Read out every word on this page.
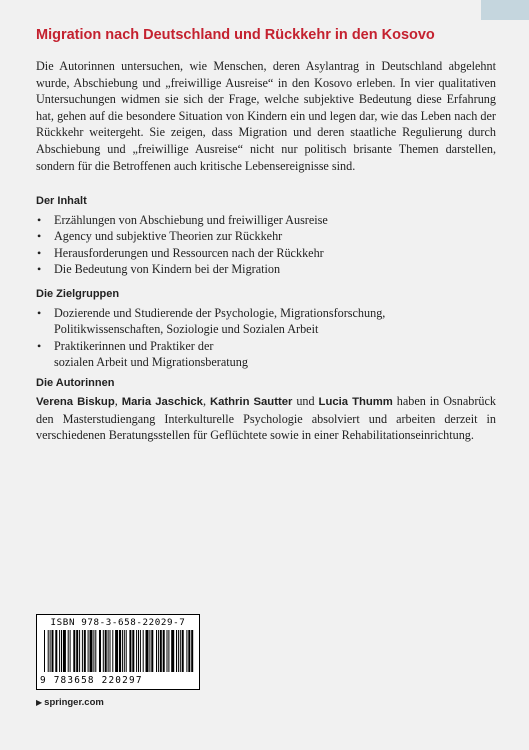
Migration nach Deutschland und Rückkehr in den Kosovo

Die Autorinnen untersuchen, wie Menschen, deren Asylantrag in Deutschland abgelehnt wurde, Abschiebung und „freiwillige Ausreise“ in den Kosovo erleben. In vier qualitativen Untersuchungen widmen sie sich der Frage, welche subjektive Bedeutung diese Erfahrung hat, gehen auf die besondere Situation von Kindern ein und legen dar, wie das Leben nach der Rückkehr weitergeht. Sie zeigen, dass Migration und deren staatliche Regulierung durch Abschiebung und „freiwillige Ausreise“ nicht nur politisch brisante Themen darstellen, sondern für die Betroffenen auch kritische Lebensereignisse sind.

Der Inhalt
• Erzählungen von Abschiebung und freiwilliger Ausreise
• Agency und subjektive Theorien zur Rückkehr
• Herausforderungen und Ressourcen nach der Rückkehr
• Die Bedeutung von Kindern bei der Migration
Die Zielgruppen
• Dozierende und Studierende der Psychologie, Migrationsforschung, Politikwissenschaften, Soziologie und Sozialen Arbeit
• Praktikerinnen und Praktiker der sozialen Arbeit und Migrationsberatung
Die Autorinnen

Verena Biskup, Maria Jaschick, Kathrin Sautter und Lucia Thumm haben in Osnabrück den Masterstudiengang Interkulturelle Psychologie absolviert und arbeiten derzeit in verschiedenen Beratungsstellen für Geflüchtete sowie in einer Rehabilitationseinrichtung.

ISBN 978-3-658-22029-7
9 783658 220297
▶ springer.com
